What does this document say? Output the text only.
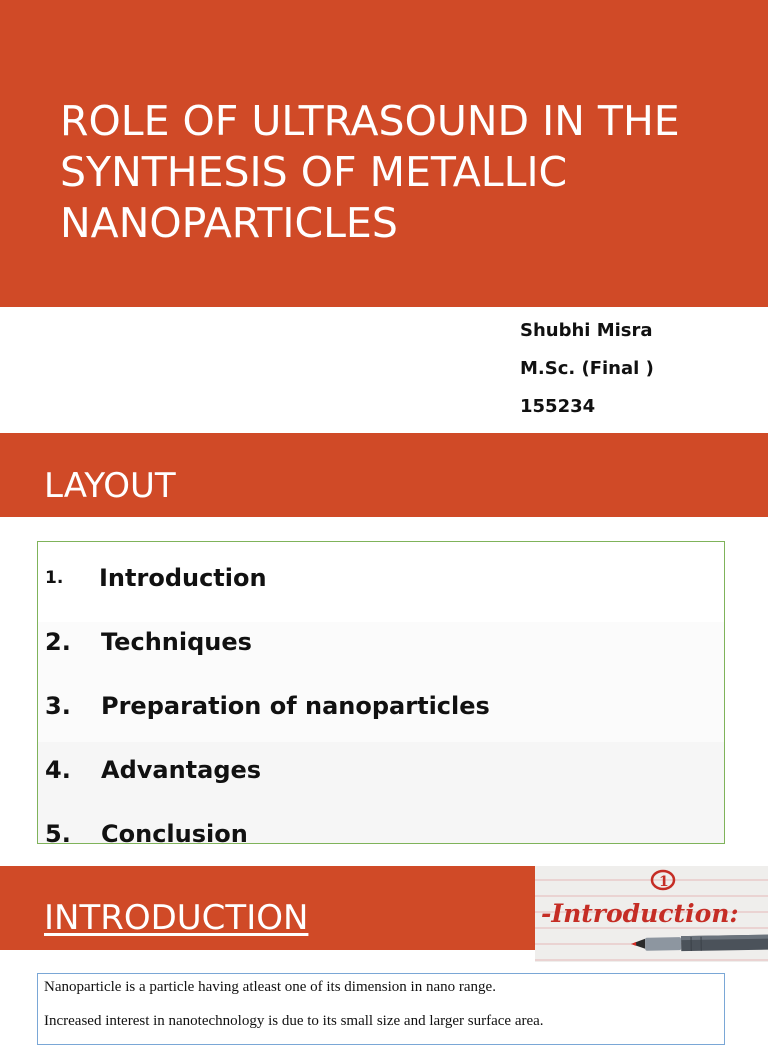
ROLE OF ULTRASOUND IN THE SYNTHESIS OF METALLIC NANOPARTICLES
Shubhi Misra
M.Sc. (Final )
155234
LAYOUT
1. Introduction
2. Techniques
3. Preparation of nanoparticles
4. Advantages
5. Conclusion
INTRODUCTION
1
-Introduction:
Nanoparticle is a particle having atleast one of its dimension in nano range.
Increased interest in nanotechnology is due to its small size and larger surface area.
